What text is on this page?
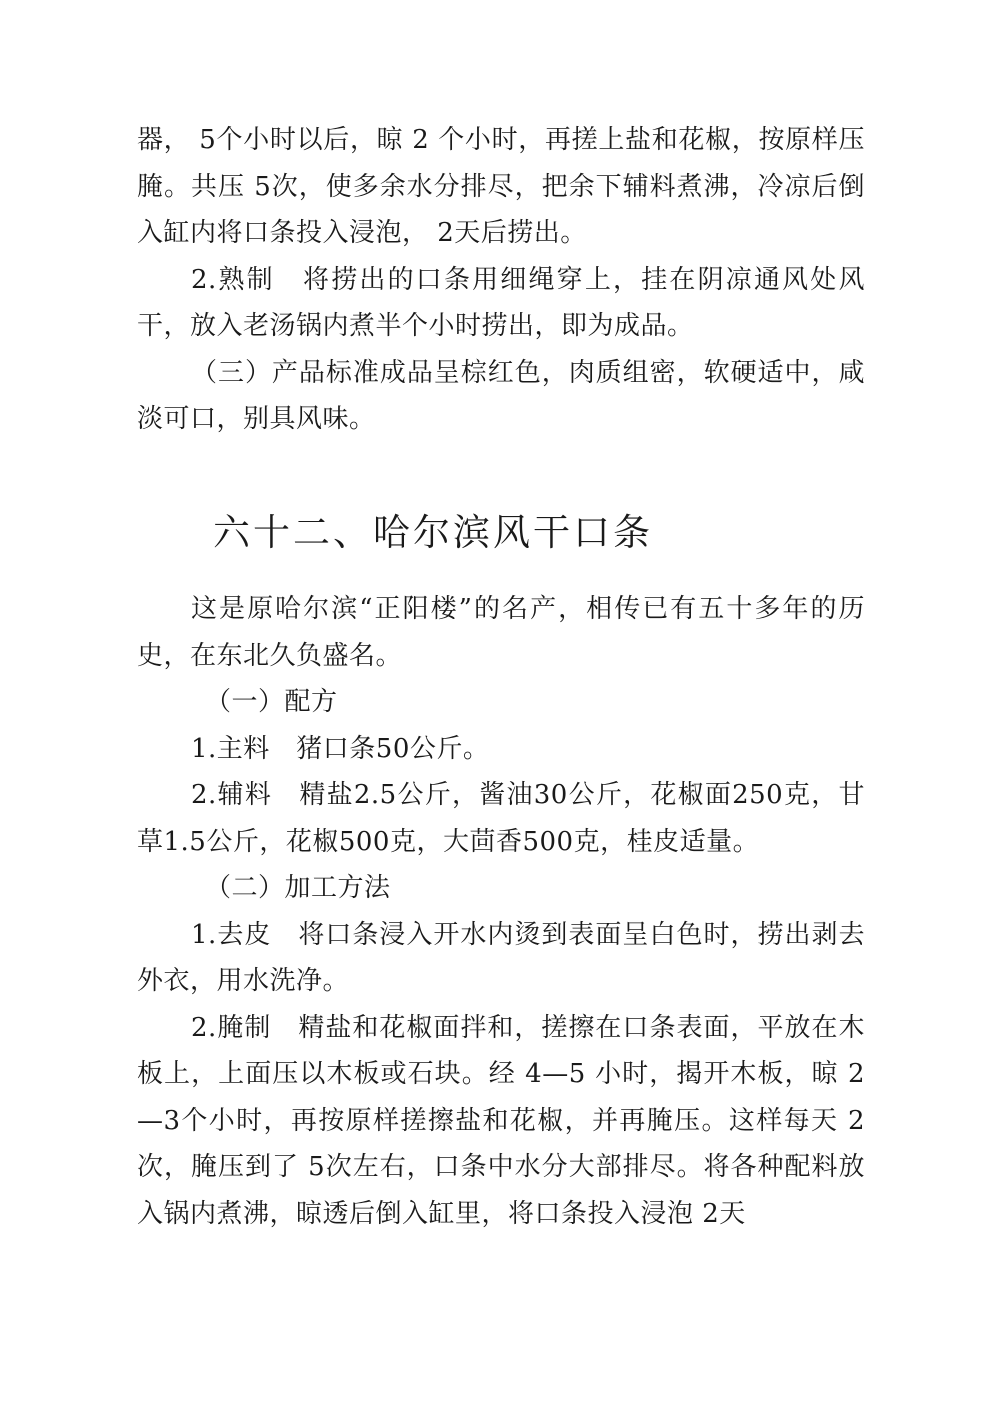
器， 5个小时以后，晾 2 个小时，再搓上盐和花椒，按原样压腌。共压 5次，使多余水分排尽，把余下辅料煮沸，冷凉后倒入缸内将口条投入浸泡， 2天后捞出。

2.熟制　将捞出的口条用细绳穿上，挂在阴凉通风处风干，放入老汤锅内煮半个小时捞出，即为成品。

（三）产品标准成品呈棕红色，肉质组密，软硬适中，咸淡可口，别具风味。

六十二、哈尔滨风干口条

这是原哈尔滨“正阳楼”的名产，相传已有五十多年的历史，在东北久负盛名。

（一）配方

1.主料　猪口条50公斤。

2.辅料　精盐2.5公斤，酱油30公斤，花椒面250克，甘草1.5公斤，花椒500克，大茴香500克，桂皮适量。

（二）加工方法

1.去皮　将口条浸入开水内烫到表面呈白色时，捞出剥去外衣，用水洗净。

2.腌制　精盐和花椒面拌和，搓擦在口条表面，平放在木板上，上面压以木板或石块。经 4—5 小时，揭开木板，晾 2—3个小时，再按原样搓擦盐和花椒，并再腌压。这样每天 2次，腌压到了 5次左右，口条中水分大部排尽。将各种配料放入锅内煮沸，晾透后倒入缸里，将口条投入浸泡 2天
